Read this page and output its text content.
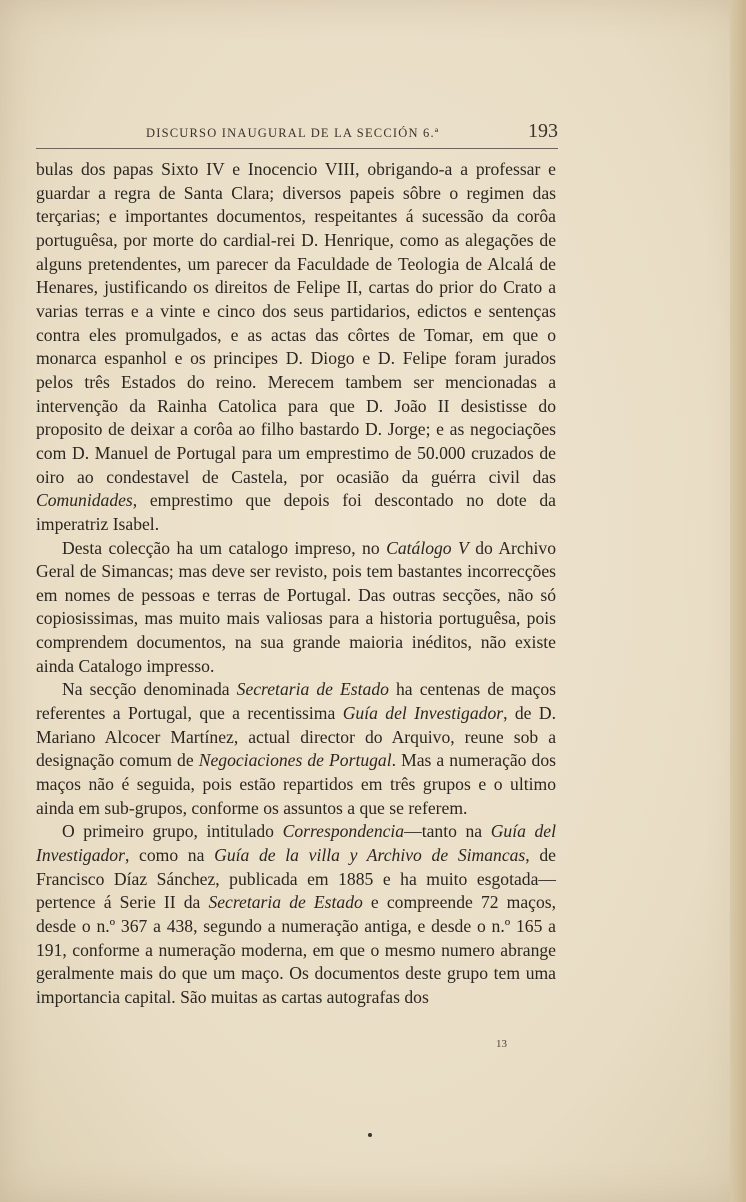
DISCURSO INAUGURAL DE LA SECCIÓN 6.ª	193

bulas dos papas Sixto IV e Inocencio VIII, obrigando-a a professar e guardar a regra de Santa Clara; diversos papeis sôbre o regimen das terçarias; e importantes documentos, respeitantes á sucessão da corôa portuguêsa, por morte do cardial-rei D. Henrique, como as alegações de alguns pretendentes, um parecer da Faculdade de Teologia de Alcalá de Henares, justificando os direitos de Felipe II, cartas do prior do Crato a varias terras e a vinte e cinco dos seus partidarios, edictos e sentenças contra eles promulgados, e as actas das côrtes de Tomar, em que o monarca espanhol e os principes D. Diogo e D. Felipe foram jurados pelos três Estados do reino. Merecem tambem ser mencionadas a intervenção da Rainha Catolica para que D. João II desistisse do proposito de deixar a corôa ao filho bastardo D. Jorge; e as negociações com D. Manuel de Portugal para um emprestimo de 50.000 cruzados de oiro ao condestavel de Castela, por ocasião da guérra civil das Comunidades, emprestimo que depois foi descontado no dote da imperatriz Isabel.

Desta colecção ha um catalogo impreso, no Catálogo V do Archivo Geral de Simancas; mas deve ser revisto, pois tem bastantes incorrecções em nomes de pessoas e terras de Portugal. Das outras secções, não só copiosissimas, mas muito mais valiosas para a historia portuguêsa, pois comprendem documentos, na sua grande maioria inéditos, não existe ainda Catalogo impresso.

Na secção denominada Secretaria de Estado ha centenas de maços referentes a Portugal, que a recentissima Guía del Investigador, de D. Mariano Alcocer Martínez, actual director do Arquivo, reune sob a designação comum de Negociaciones de Portugal. Mas a numeração dos maços não é seguida, pois estão repartidos em três grupos e o ultimo ainda em sub-grupos, conforme os assuntos a que se referem.

O primeiro grupo, intitulado Correspondencia—tanto na Guía del Investigador, como na Guía de la villa y Archivo de Simancas, de Francisco Díaz Sánchez, publicada em 1885 e ha muito esgotada—pertence á Serie II da Secretaria de Estado e compreende 72 maços, desde o n.º 367 a 438, segundo a numeração antiga, e desde o n.º 165 a 191, conforme a numeração moderna, em que o mesmo numero abrange geralmente mais do que um maço. Os documentos deste grupo tem uma importancia capital. São muitas as cartas autografas dos

13
